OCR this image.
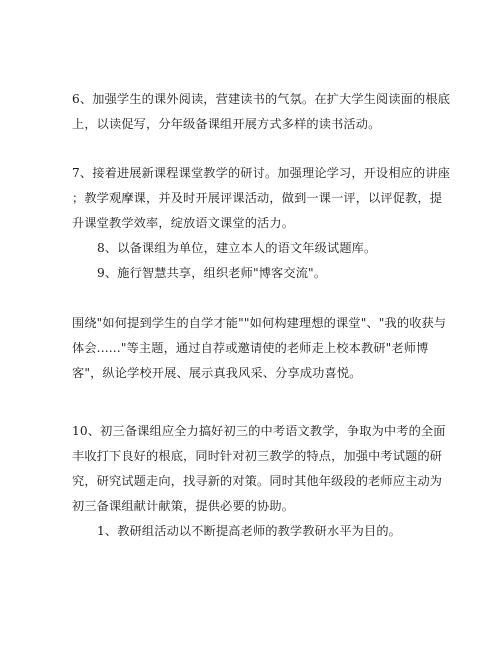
6、加强学生的课外阅读，营建读书的气氛。在扩大学生阅读面的根底
上，以读促写，分年级备课组开展方式多样的读书活动。
7、接着进展新课程课堂教学的研讨。加强理论学习，开设相应的讲座
；教学观摩课，并及时开展评课活动，做到一课一评，以评促教，提
升课堂教学效率，绽放语文课堂的活力。
8、以备课组为单位，建立本人的语文年级试题库。
9、施行智慧共享，组织老师"博客交流"。
围绕"如何提到学生的自学才能""如何构建理想的课堂"、"我的收获与
体会......"等主题，通过自荐或邀请使的老师走上校本教研"老师博
客"，纵论学校开展、展示真我风采、分享成功喜悦。
10、初三备课组应全力搞好初三的中考语文教学，争取为中考的全面
丰收打下良好的根底，同时针对初三教学的特点，加强中考试题的研
究，研究试题走向，找寻新的对策。同时其他年级段的老师应主动为
初三备课组献计献策，提供必要的协助。
1、教研组活动以不断提高老师的教学教研水平为目的。
